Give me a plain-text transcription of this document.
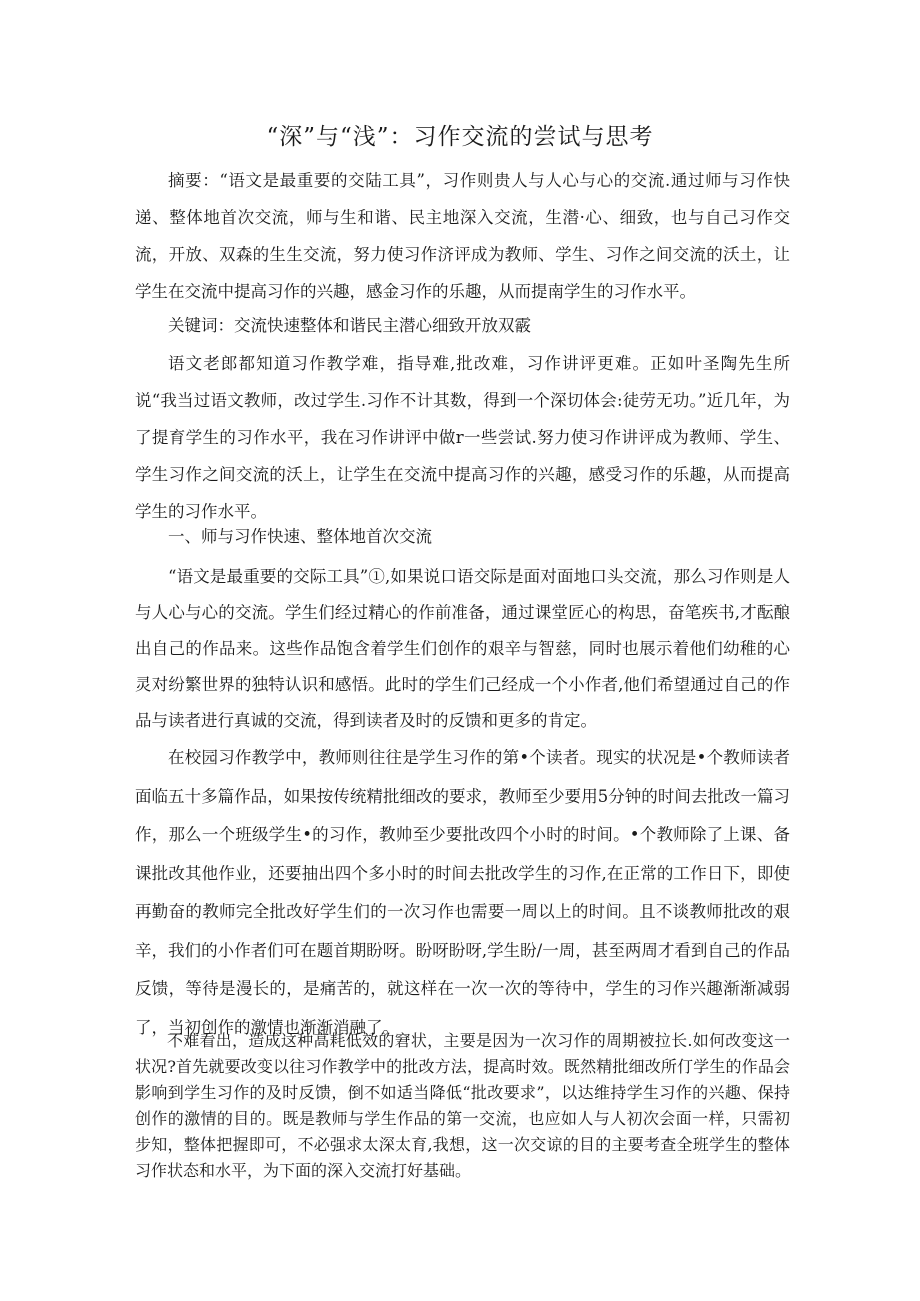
“深”与“浅”：习作交流的尝试与思考

摘要：“语文是最重要的交陆工具”，习作则贵人与人心与心的交流.通过师与习作快递、整体地首次交流，师与生和谐、民主地深入交流，生潜·心、细致，也与自己习作交流，开放、双森的生生交流，努力使习作济评成为教师、学生、习作之间交流的沃土，让学生在交流中提高习作的兴趣，感金习作的乐趣，从而提南学生的习作水平。

关键词：交流快速整体和谐民主潜心细致开放双霰

语文老郎都知道习作教学难，指导难,批改难，习作讲评更难。正如叶圣陶先生所说“我当过语文教师，改过学生.习作不计其数，得到一个深切体会:徒劳无功。”近几年，为了提育学生的习作水平，我在习作讲评中做r一些尝试.努力使习作讲评成为教师、学生、学生习作之间交流的沃上，让学生在交流中提高习作的兴趣，感受习作的乐趣，从而提高学生的习作水平。

一、师与习作快速、整体地首次交流

“语文是最重要的交际工具”①,如果说口语交际是面对面地口头交流，那么习作则是人与人心与心的交流。学生们经过精心的作前准备，通过课堂匠心的构思，奋笔疾书,才酝酿出自己的作品来。这些作品饱含着学生们创作的艰辛与智慈，同时也展示着他们幼稚的心灵对纷繁世界的独特认识和感悟。此时的学生们己经成一个小作者,他们希望通过自己的作品与读者进行真诚的交流，得到读者及时的反馈和更多的肯定。

在校园习作教学中，教师则往往是学生习作的第•个读者。现实的状况是•个教师读者面临五十多篇作品，如果按传统精批细改的要求，教师至少要用5分钟的时间去批改一篇习作，那么一个班级学生•的习作，教帅至少要批改四个小时的时间。•个教师除了上课、备课批改其他作业，还要抽出四个多小时的时间去批改学生的习作,在正常的工作日下，即使再勤奋的教师完全批改好学生们的一次习作也需要一周以上的时间。且不谈教师批改的艰辛，我们的小作者们可在题首期盼呀。盼呀盼呀,学生盼/一周，甚至两周才看到自己的作品反馈，等待是漫长的，是痛苦的，就这样在一次一次的等待中，学生的习作兴趣渐渐减弱了，当初创作的激情也渐渐消融了。

不难看出，造成这种高耗低效的窘状，主要是因为一次习作的周期被拉长.如何改变这一状况?首先就要改变以往习作教学中的批改方法，提高时效。既然精批细改所仃学生的作品会影响到学生习作的及时反馈，倒不如适当降低“批改要求”，以达维持学生习作的兴趣、保持创作的激情的目的。既是教师与学生作品的第一交流，也应如人与人初次会面一样，只需初步知，整体把握即可，不必强求太深太育,我想，这一次交谅的目的主要考查全班学生的整体习作状态和水平，为下面的深入交流打好基础。
